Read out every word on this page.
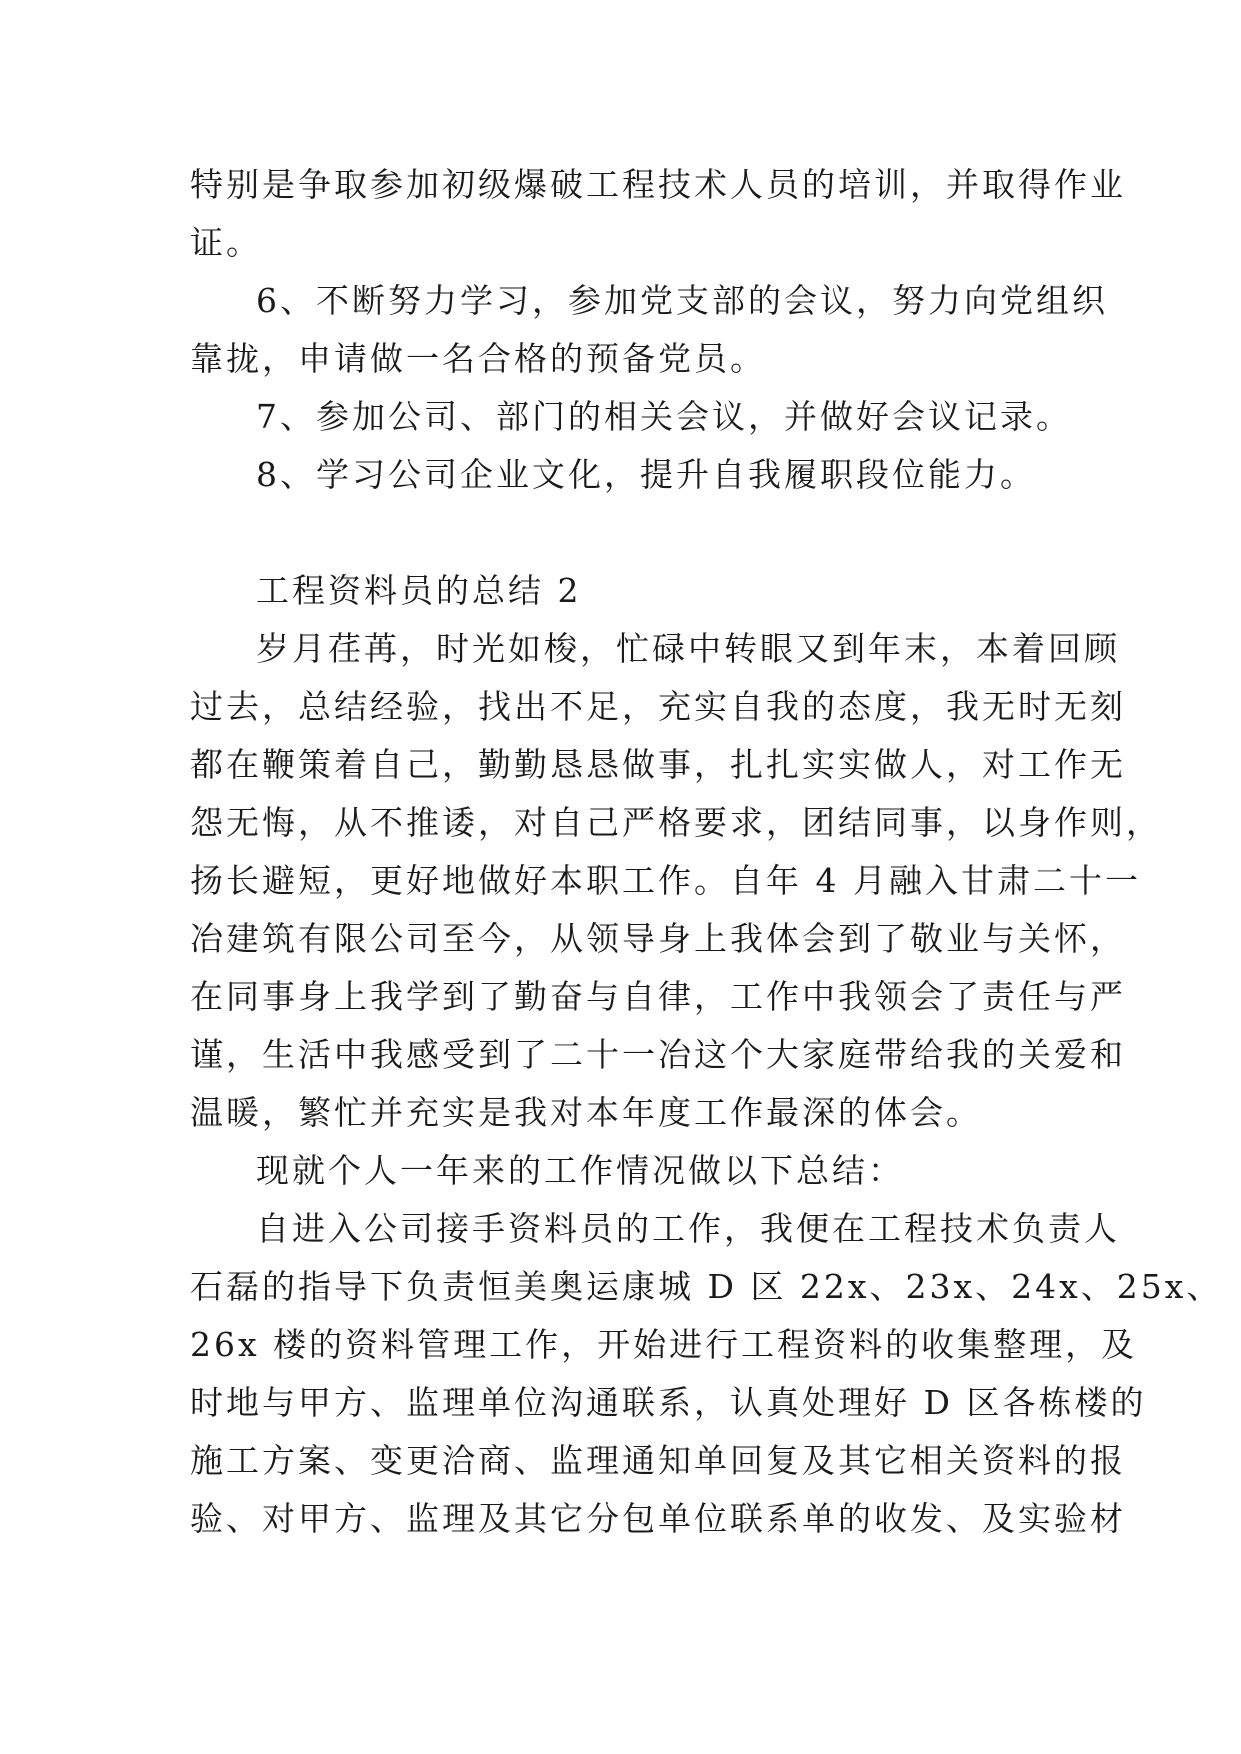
特别是争取参加初级爆破工程技术人员的培训，并取得作业

证。

6、不断努力学习，参加党支部的会议，努力向党组织

靠拢，申请做一名合格的预备党员。

7、参加公司、部门的相关会议，并做好会议记录。

8、学习公司企业文化，提升自我履职段位能力。

工程资料员的总结 2

岁月荏苒，时光如梭，忙碌中转眼又到年末，本着回顾

过去，总结经验，找出不足，充实自我的态度，我无时无刻

都在鞭策着自己，勤勤恳恳做事，扎扎实实做人，对工作无

怨无悔，从不推诿，对自己严格要求，团结同事，以身作则，

扬长避短，更好地做好本职工作。自年 4 月融入甘肃二十一

冶建筑有限公司至今，从领导身上我体会到了敬业与关怀，

在同事身上我学到了勤奋与自律，工作中我领会了责任与严

谨，生活中我感受到了二十一冶这个大家庭带给我的关爱和

温暖，繁忙并充实是我对本年度工作最深的体会。

现就个人一年来的工作情况做以下总结：

自进入公司接手资料员的工作，我便在工程技术负责人

石磊的指导下负责恒美奥运康城 D 区 22x、23x、24x、25x、

26x 楼的资料管理工作，开始进行工程资料的收集整理，及

时地与甲方、监理单位沟通联系，认真处理好 D 区各栋楼的

施工方案、变更洽商、监理通知单回复及其它相关资料的报

验、对甲方、监理及其它分包单位联系单的收发、及实验材
